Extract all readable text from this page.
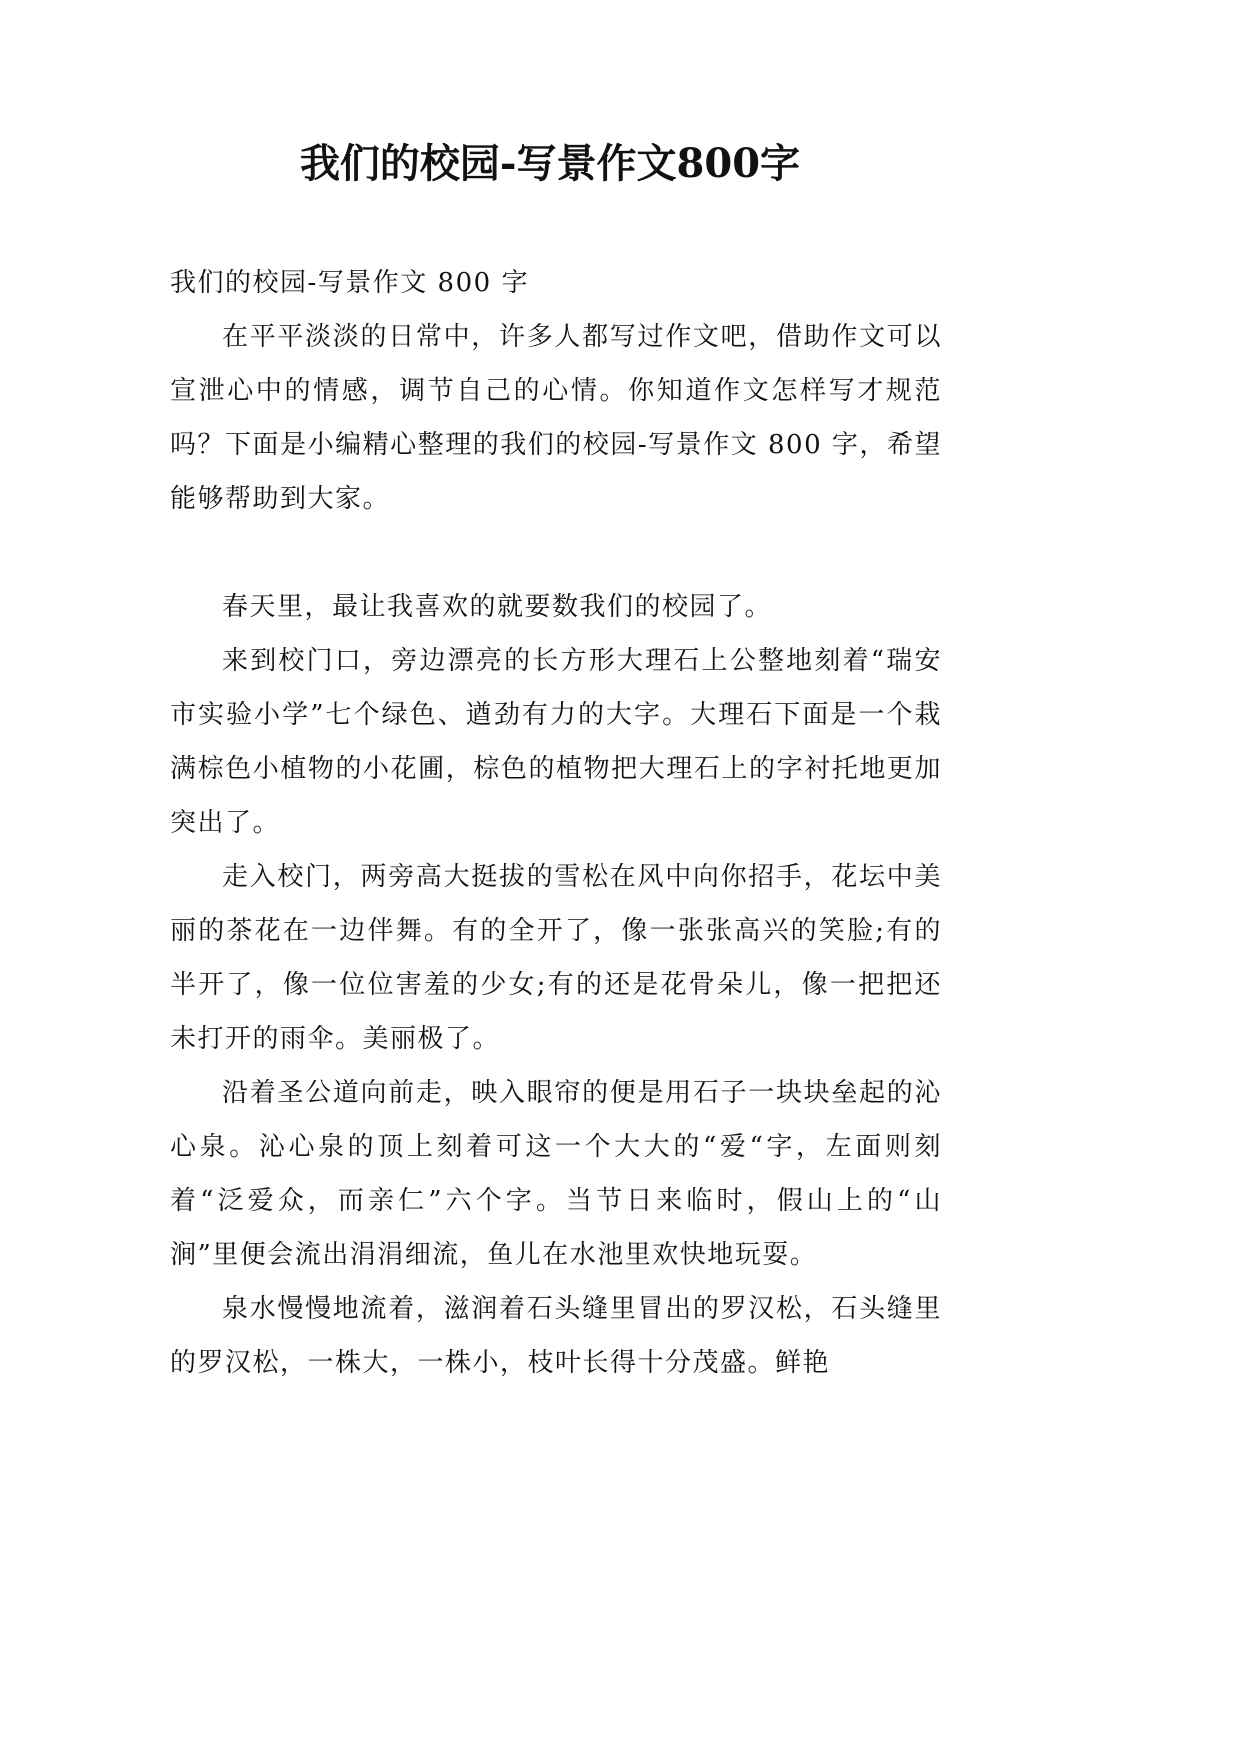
我们的校园-写景作文800字

我们的校园-写景作文 800 字

在平平淡淡的日常中，许多人都写过作文吧，借助作文可以宣泄心中的情感，调节自己的心情。你知道作文怎样写才规范吗？下面是小编精心整理的我们的校园-写景作文 800 字，希望能够帮助到大家。

春天里，最让我喜欢的就要数我们的校园了。

来到校门口，旁边漂亮的长方形大理石上公整地刻着“瑞安市实验小学”七个绿色、遒劲有力的大字。大理石下面是一个栽满棕色小植物的小花圃，棕色的植物把大理石上的字衬托地更加突出了。

走入校门，两旁高大挺拔的雪松在风中向你招手，花坛中美丽的茶花在一边伴舞。有的全开了，像一张张高兴的笑脸;有的半开了，像一位位害羞的少女;有的还是花骨朵儿，像一把把还未打开的雨伞。美丽极了。

沿着圣公道向前走，映入眼帘的便是用石子一块块垒起的沁心泉。沁心泉的顶上刻着可这一个大大的“爱“字，左面则刻着“泛爱众，而亲仁”六个字。当节日来临时，假山上的“山涧”里便会流出涓涓细流，鱼儿在水池里欢快地玩耍。

泉水慢慢地流着，滋润着石头缝里冒出的罗汉松，石头缝里的罗汉松，一株大，一株小，枝叶长得十分茂盛。鲜艳
